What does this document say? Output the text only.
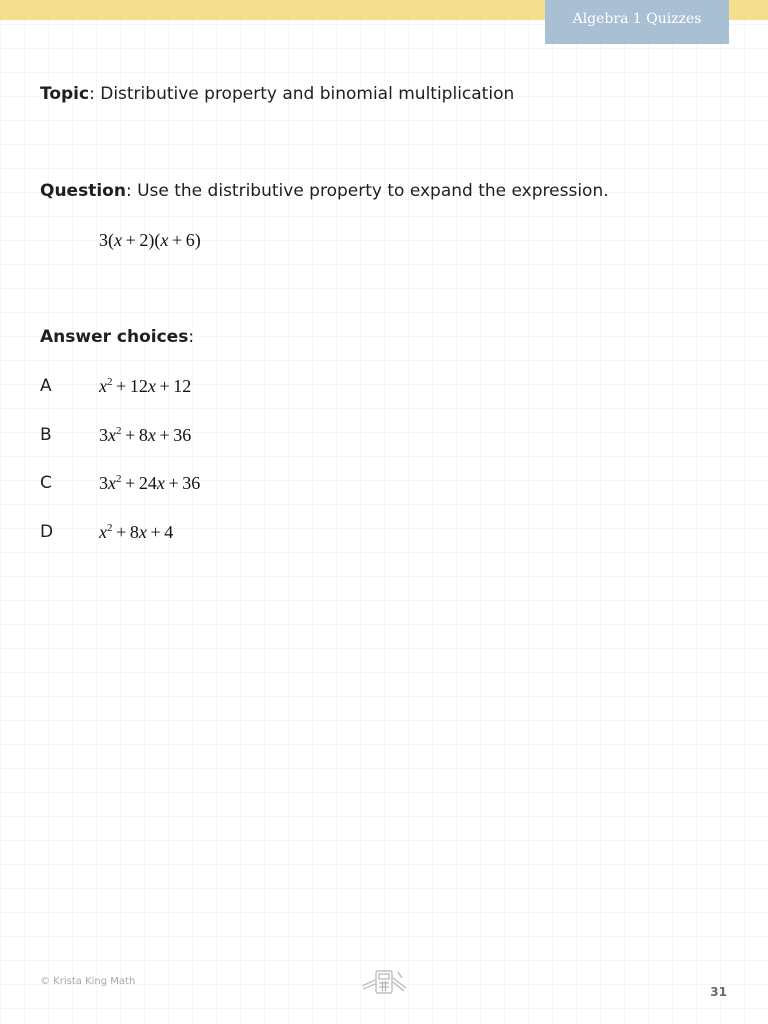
Algebra 1 Quizzes
Topic: Distributive property and binomial multiplication
Question: Use the distributive property to expand the expression.
3(x  +  2)(x  +  6)
Answer choices:
A	$x^2 + 12x + 12$
B	$3x^2 + 8x + 36$
C	$3x^2 + 24x + 36$
D	$x^2 + 8x + 4$
© Krista King Math
31
